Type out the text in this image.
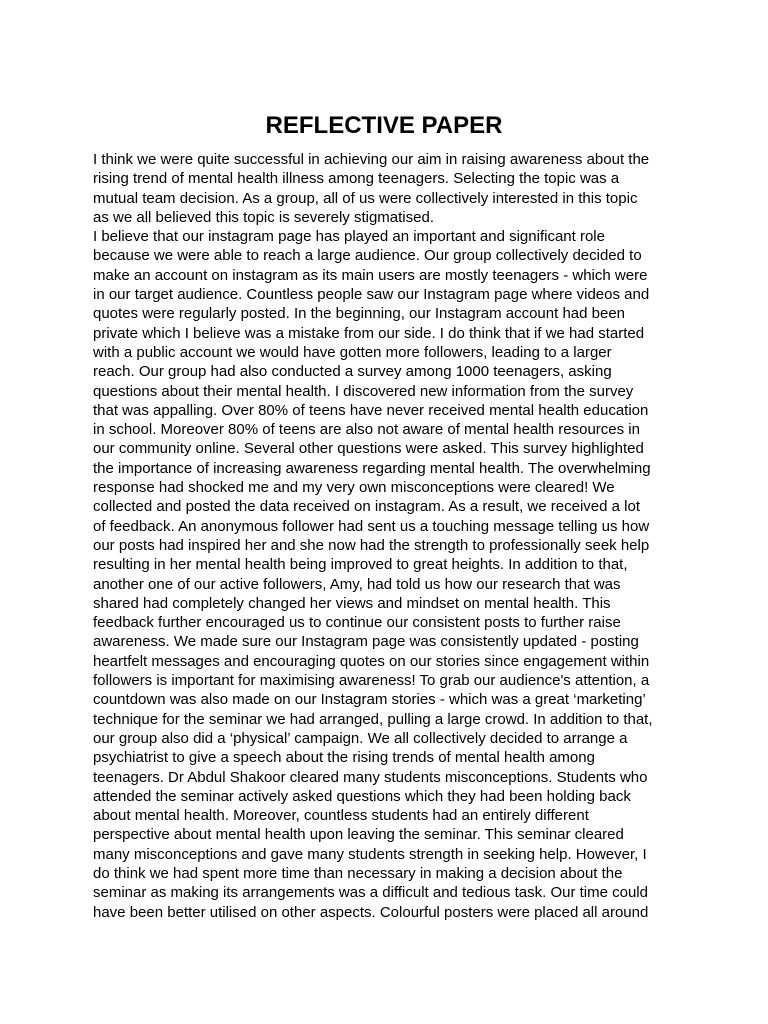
REFLECTIVE PAPER
I think we were quite successful in achieving our aim in raising awareness about the
rising trend of mental health illness among teenagers. Selecting the topic was a
mutual team decision. As a group, all of us were collectively interested in this topic
as we all believed this topic is severely stigmatised.
I believe that our instagram page has played an important and significant role
because we were able to reach a large audience. Our group collectively decided to
make an account on instagram as its main users are mostly teenagers - which were
in our target audience. Countless people saw our Instagram page where videos and
quotes were regularly posted. In the beginning, our Instagram account had been
private which I believe was a mistake from our side. I do think that if we had started
with a public account we would have gotten more followers, leading to a larger
reach. Our group had also conducted a survey among 1000 teenagers, asking
questions about their mental health. I discovered new information from the survey
that was appalling. Over 80% of teens have never received mental health education
in school. Moreover 80% of teens are also not aware of mental health resources in
our community online. Several other questions were asked. This survey highlighted
the importance of increasing awareness regarding mental health. The overwhelming
response had shocked me and my very own misconceptions were cleared! We
collected and posted the data received on instagram. As a result, we received a lot
of feedback. An anonymous follower had sent us a touching message telling us how
our posts had inspired her and she now had the strength to professionally seek help
resulting in her mental health being improved to great heights. In addition to that,
another one of our active followers, Amy, had told us how our research that was
shared had completely changed her views and mindset on mental health. This
feedback further encouraged us to continue our consistent posts to further raise
awareness. We made sure our Instagram page was consistently updated - posting
heartfelt messages and encouraging quotes on our stories since engagement within
followers is important for maximising awareness! To grab our audience's attention, a
countdown was also made on our Instagram stories - which was a great ‘marketing’
technique for the seminar we had arranged, pulling a large crowd. In addition to that,
our group also did a ‘physical’ campaign. We all collectively decided to arrange a
psychiatrist to give a speech about the rising trends of mental health among
teenagers. Dr Abdul Shakoor cleared many students misconceptions. Students who
attended the seminar actively asked questions which they had been holding back
about mental health. Moreover, countless students had an entirely different
perspective about mental health upon leaving the seminar. This seminar cleared
many misconceptions and gave many students strength in seeking help. However, I
do think we had spent more time than necessary in making a decision about the
seminar as making its arrangements was a difficult and tedious task. Our time could
have been better utilised on other aspects. Colourful posters were placed all around
